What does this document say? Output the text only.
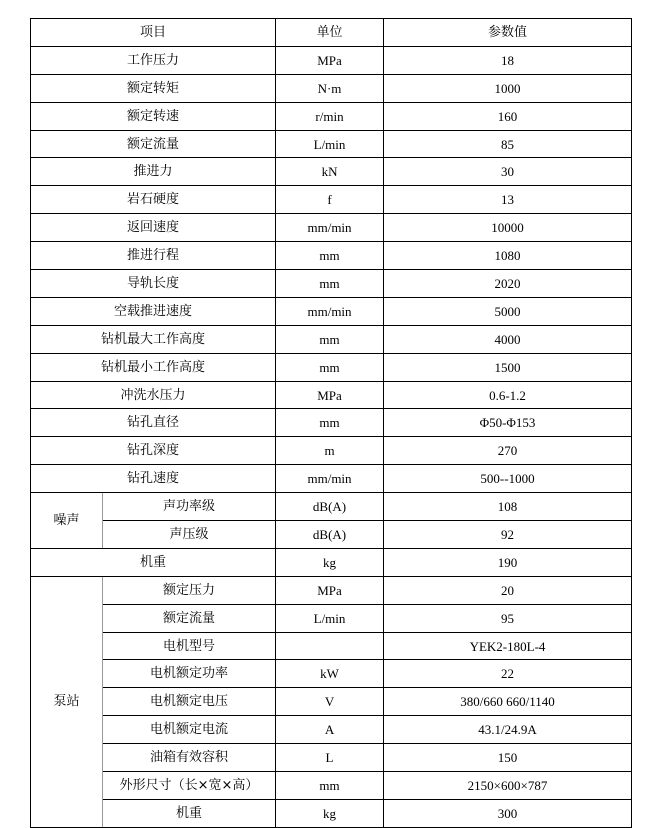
项目		单位	参数值
工作压力		MPa	18
额定转矩		N·m	1000
额定转速		r/min	160
额定流量		L/min	85
推进力		kN	30
岩石硬度		f	13
返回速度		mm/min	10000
推进行程		mm	1080
导轨长度		mm	2020
空载推进速度		mm/min	5000
钻机最大工作高度		mm	4000
钻机最小工作高度		mm	1500
冲洗水压力		MPa	0.6-1.2
钻孔直径		mm	Φ50-Φ153
钻孔深度		m	270
钻孔速度		mm/min	500--1000
噪声	声功率级	dB(A)	108
	声压级	dB(A)	92
机重		kg	190
泵站	额定压力	MPa	20
	额定流量	L/min	95
	电机型号		YEK2-180L-4
	电机额定功率	kW	22
	电机额定电压	V	380/660 660/1140
	电机额定电流	A	43.1/24.9A
	油箱有效容积	L	150
	外形尺寸（长×宽×高）	mm	2150×600×787
	机重	kg	300
